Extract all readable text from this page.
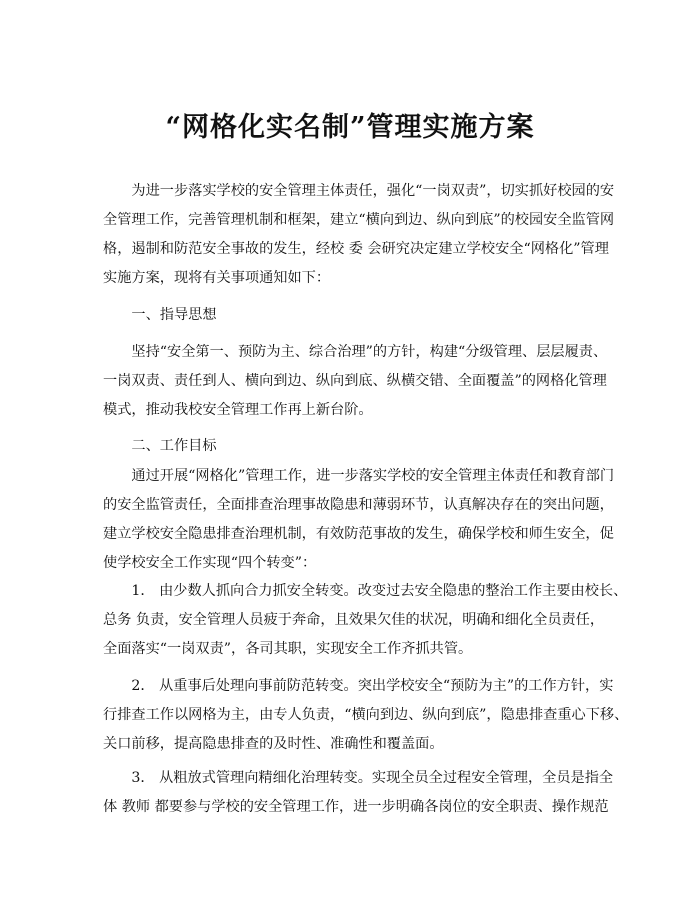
“网格化实名制”管理实施方案

　　为进一步落实学校的安全管理主体责任，强化“一岗双责”，切实抓好校园的安
全管理工作，完善管理机制和框架，建立“横向到边、纵向到底”的校园安全监管网
格，遏制和防范安全事故的发生，经校 委 会研究决定建立学校安全“网格化”管理
实施方案，现将有关事项通知如下：

　　一、指导思想

　　坚持“安全第一、预防为主、综合治理”的方针，构建“分级管理、层层履责、
一岗双责、责任到人、横向到边、纵向到底、纵横交错、全面覆盖”的网格化管理
模式，推动我校安全管理工作再上新台阶。

　　二、工作目标

　　通过开展“网格化”管理工作，进一步落实学校的安全管理主体责任和教育部门
的安全监管责任，全面排查治理事故隐患和薄弱环节，认真解决存在的突出问题，
建立学校安全隐患排查治理机制，有效防范事故的发生，确保学校和师生安全，促
使学校安全工作实现“四个转变”：

　　1． 由少数人抓向合力抓安全转变。改变过去安全隐患的整治工作主要由校长、
总务 负责，安全管理人员疲于奔命，且效果欠佳的状况，明确和细化全员责任，
全面落实“一岗双责”，各司其职，实现安全工作齐抓共管。

　　2． 从重事后处理向事前防范转变。突出学校安全“预防为主”的工作方针，实
行排查工作以网格为主，由专人负责，“横向到边、纵向到底”，隐患排查重心下移、
关口前移，提高隐患排查的及时性、准确性和覆盖面。

　　3． 从粗放式管理向精细化治理转变。实现全员全过程安全管理，全员是指全
体 教师 都要参与学校的安全管理工作，进一步明确各岗位的安全职责、操作规范
